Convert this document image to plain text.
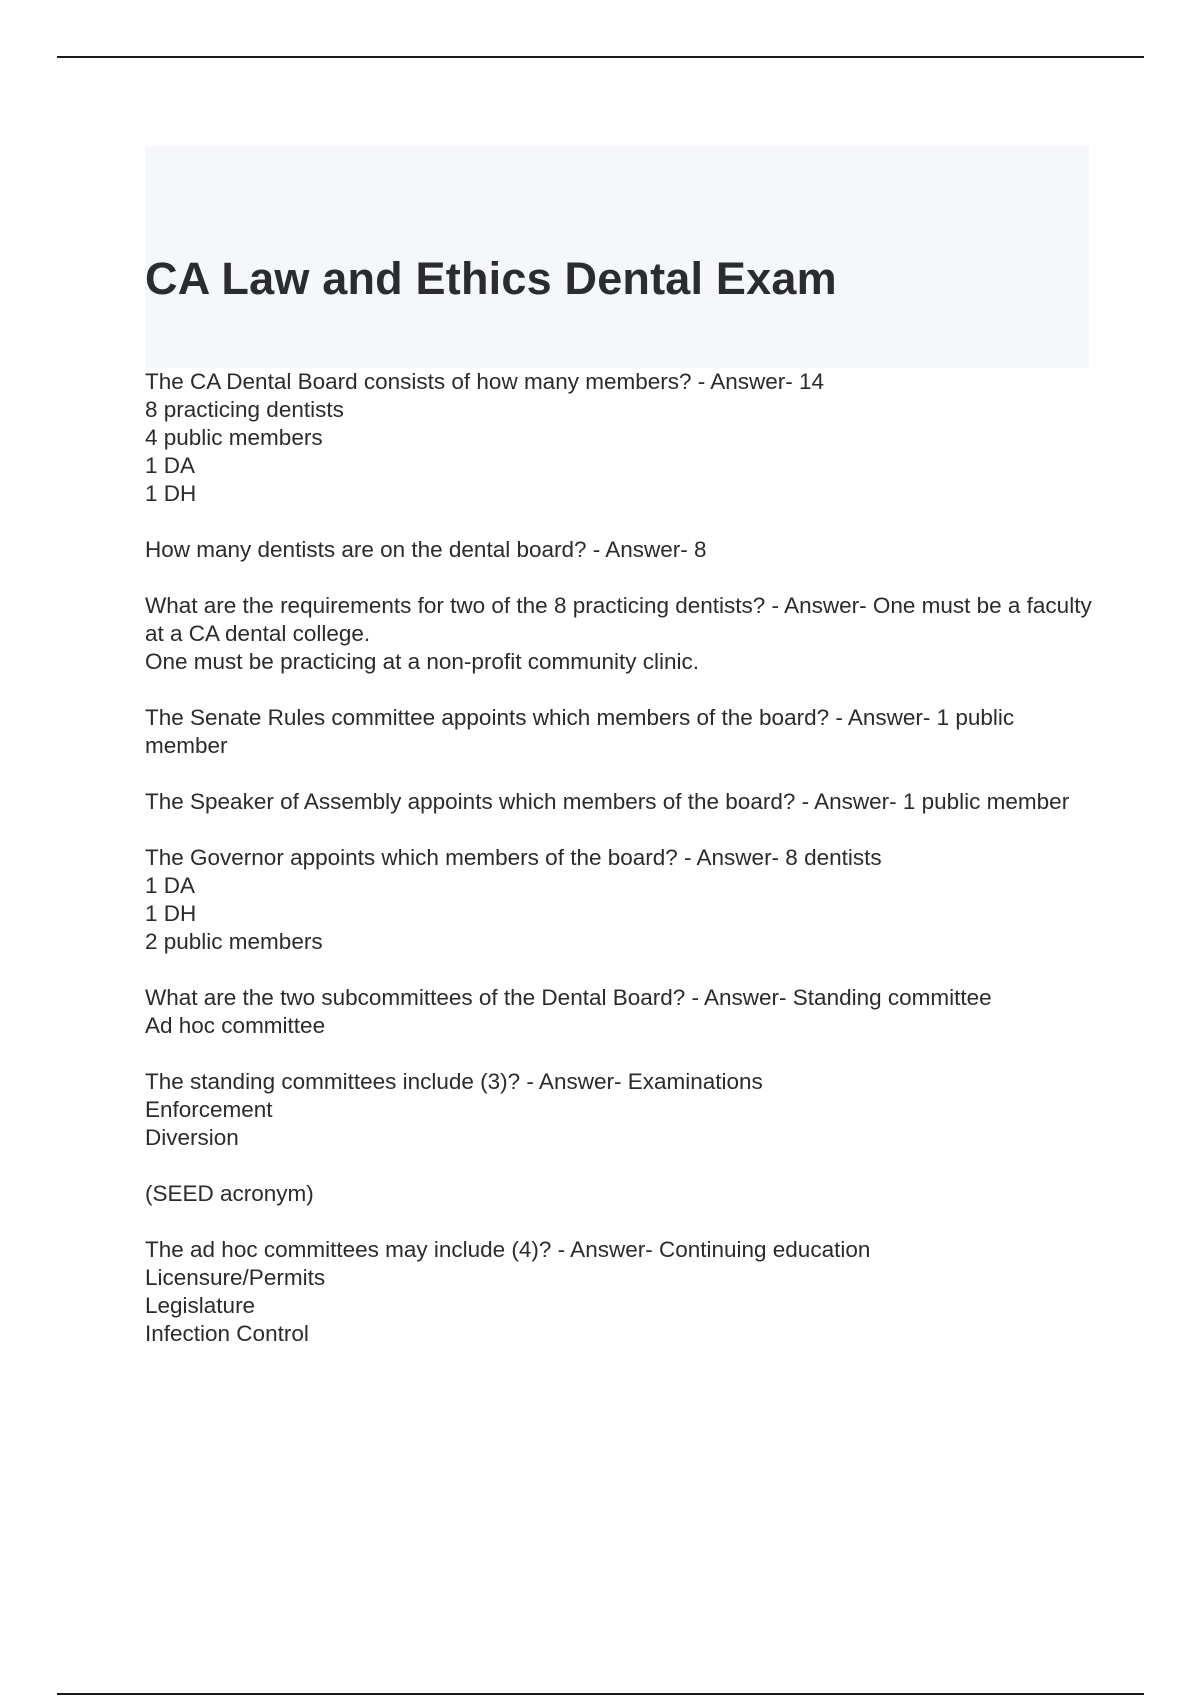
CA Law and Ethics Dental Exam
The CA Dental Board consists of how many members? - Answer- 14
8 practicing dentists
4 public members
1 DA
1 DH
How many dentists are on the dental board? - Answer- 8
What are the requirements for two of the 8 practicing dentists? - Answer- One must be a faculty at a CA dental college.
One must be practicing at a non-profit community clinic.
The Senate Rules committee appoints which members of the board? - Answer- 1 public member
The Speaker of Assembly appoints which members of the board? - Answer- 1 public member
The Governor appoints which members of the board? - Answer- 8 dentists
1 DA
1 DH
2 public members
What are the two subcommittees of the Dental Board? - Answer- Standing committee
Ad hoc committee
The standing committees include (3)? - Answer- Examinations
Enforcement
Diversion
(SEED acronym)
The ad hoc committees may include (4)? - Answer- Continuing education
Licensure/Permits
Legislature
Infection Control
